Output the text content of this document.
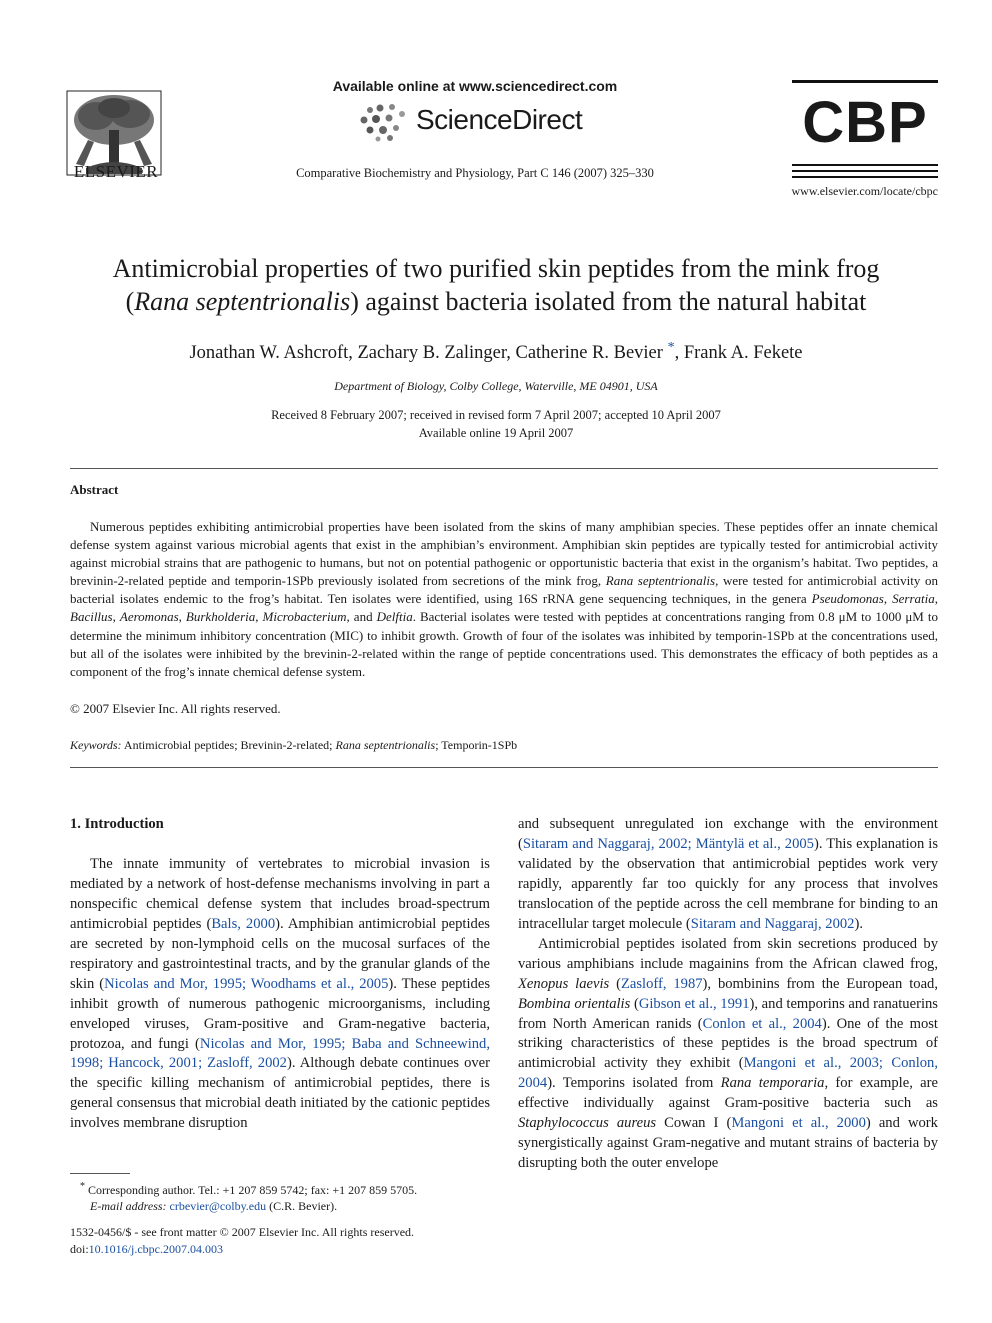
ELSEVIER
Available online at www.sciencedirect.com
ScienceDirect
Comparative Biochemistry and Physiology, Part C 146 (2007) 325–330
CBP
www.elsevier.com/locate/cbpc
Antimicrobial properties of two purified skin peptides from the mink frog
(Rana septentrionalis) against bacteria isolated from the natural habitat
Jonathan W. Ashcroft, Zachary B. Zalinger, Catherine R. Bevier *, Frank A. Fekete
Department of Biology, Colby College, Waterville, ME 04901, USA
Received 8 February 2007; received in revised form 7 April 2007; accepted 10 April 2007
Available online 19 April 2007
Abstract

Numerous peptides exhibiting antimicrobial properties have been isolated from the skins of many amphibian species. These peptides offer an innate chemical defense system against various microbial agents that exist in the amphibian’s environment. Amphibian skin peptides are typically tested for antimicrobial activity against microbial strains that are pathogenic to humans, but not on potential pathogenic or opportunistic bacteria that exist in the organism’s habitat. Two peptides, a brevinin-2-related peptide and temporin-1SPb previously isolated from secretions of the mink frog, Rana septentrionalis, were tested for antimicrobial activity on bacterial isolates endemic to the frog’s habitat. Ten isolates were identified, using 16S rRNA gene sequencing techniques, in the genera Pseudomonas, Serratia, Bacillus, Aeromonas, Burkholderia, Microbacterium, and Delftia. Bacterial isolates were tested with peptides at concentrations ranging from 0.8 μM to 1000 μM to determine the minimum inhibitory concentration (MIC) to inhibit growth. Growth of four of the isolates was inhibited by temporin-1SPb at the concentrations used, but all of the isolates were inhibited by the brevinin-2-related within the range of peptide concentrations used. This demonstrates the efficacy of both peptides as a component of the frog’s innate chemical defense system.

© 2007 Elsevier Inc. All rights reserved.
Keywords: Antimicrobial peptides; Brevinin-2-related; Rana septentrionalis; Temporin-1SPb

1. Introduction

The innate immunity of vertebrates to microbial invasion is mediated by a network of host-defense mechanisms involving in part a nonspecific chemical defense system that includes broad-spectrum antimicrobial peptides (Bals, 2000). Amphibian antimicrobial peptides are secreted by non-lymphoid cells on the mucosal surfaces of the respiratory and gastrointestinal tracts, and by the granular glands of the skin (Nicolas and Mor, 1995; Woodhams et al., 2005). These peptides inhibit growth of numerous pathogenic microorganisms, including enveloped viruses, Gram-positive and Gram-negative bacteria, protozoa, and fungi (Nicolas and Mor, 1995; Baba and Schneewind, 1998; Hancock, 2001; Zasloff, 2002). Although debate continues over the specific killing mechanism of antimicrobial peptides, there is general consensus that microbial death initiated by the cationic peptides involves membrane disruption

and subsequent unregulated ion exchange with the environment (Sitaram and Naggaraj, 2002; Mäntylä et al., 2005). This explanation is validated by the observation that antimicrobial peptides work very rapidly, apparently far too quickly for any process that involves translocation of the peptide across the cell membrane for binding to an intracellular target molecule (Sitaram and Naggaraj, 2002).

Antimicrobial peptides isolated from skin secretions produced by various amphibians include magainins from the African clawed frog, Xenopus laevis (Zasloff, 1987), bombinins from the European toad, Bombina orientalis (Gibson et al., 1991), and temporins and ranatuerins from North American ranids (Conlon et al., 2004). One of the most striking characteristics of these peptides is the broad spectrum of antimicrobial activity they exhibit (Mangoni et al., 2003; Conlon, 2004). Temporins isolated from Rana temporaria, for example, are effective individually against Gram-positive bacteria such as Staphylococcus aureus Cowan I (Mangoni et al., 2000) and work synergistically against Gram-negative and mutant strains of bacteria by disrupting both the outer envelope

* Corresponding author. Tel.: +1 207 859 5742; fax: +1 207 859 5705.
E-mail address: crbevier@colby.edu (C.R. Bevier).
1532-0456/$ - see front matter © 2007 Elsevier Inc. All rights reserved.
doi:10.1016/j.cbpc.2007.04.003
